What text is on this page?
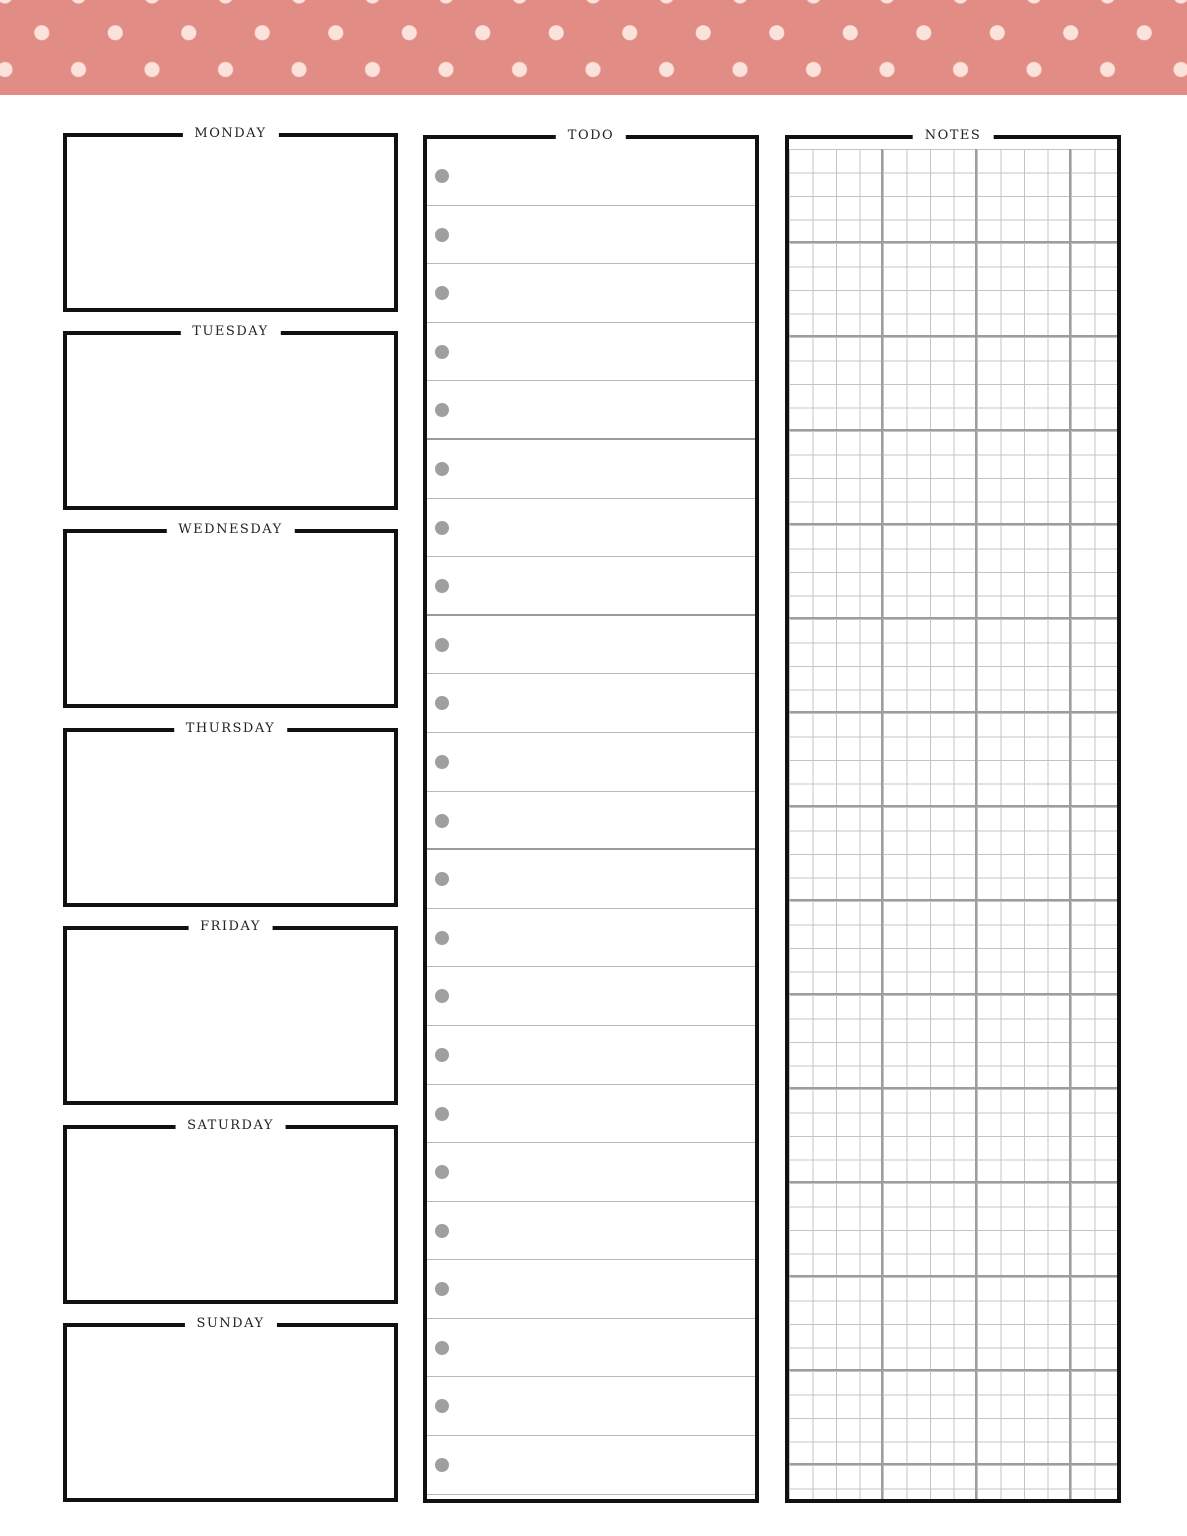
MONDAY
TUESDAY
WEDNESDAY
THURSDAY
FRIDAY
SATURDAY
SUNDAY
TODO	NOTES
